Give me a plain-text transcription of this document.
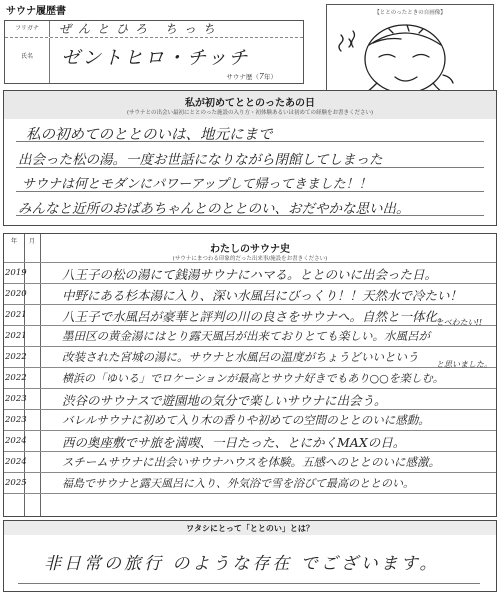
サウナ履歴書
フリガナ	ぜんとひろ ちっち
氏名	ゼントヒロ・チッチ
サウナ歴（7年）
【ととのったときの自画像】
私が初めてととのったあの日
(サウナとの出会い最初にととのった施設の入り方・初体験あるいは初めての経験をお書きください)
私の初めてのととのいは、地元にまで
出会った松の湯。一度お世話になりながら閉館してしまった
サウナは何とモダンにパワーアップして帰ってきました！！
みんなと近所のおばあちゃんとのととのい、おだやかな思い出。
年	月
わたしのサウナ史
(サウナにまつわる印象的だった出来事/施設をお書きください)
2019	八王子の松の湯にて銭湯サウナにハマる。ととのいに出会った日。
2020	中野にある杉本湯に入り、深い水風呂にびっくり！！天然水で冷たい！
2021	八王子で水風呂が豪華と評判の川の良さをサウナへ。自然と一体化。
2021	墨田区の黄金湯にはとり露天風呂が出来ておりとても楽しい。水風呂が
2022	改装された宮城の湯に。サウナと水風呂の温度がちょうどいいという
2022	横浜の「ゆいる」でロケーションが最高とサウナ好きでもあり○○を楽しむ。
2023	渋谷のサウナスで遊園地の気分で楽しいサウナに出会う。
2023	バレルサウナに初めて入り木の香りや初めての空間のととのいに感動。
2024	西の奥座敷でサ旅を満喫、一日たった、とにかくMAXの日。
2024	スチームサウナに出会いサウナハウスを体験。五感へのととのいに感激。
2025	福島でサウナと露天風呂に入り、外気浴で雪を浴びて最高のととのい。
とべわたい!!
と思いました。
ワタシにとって「ととのい」とは？
非日常の旅行 のような存在 でございます。
